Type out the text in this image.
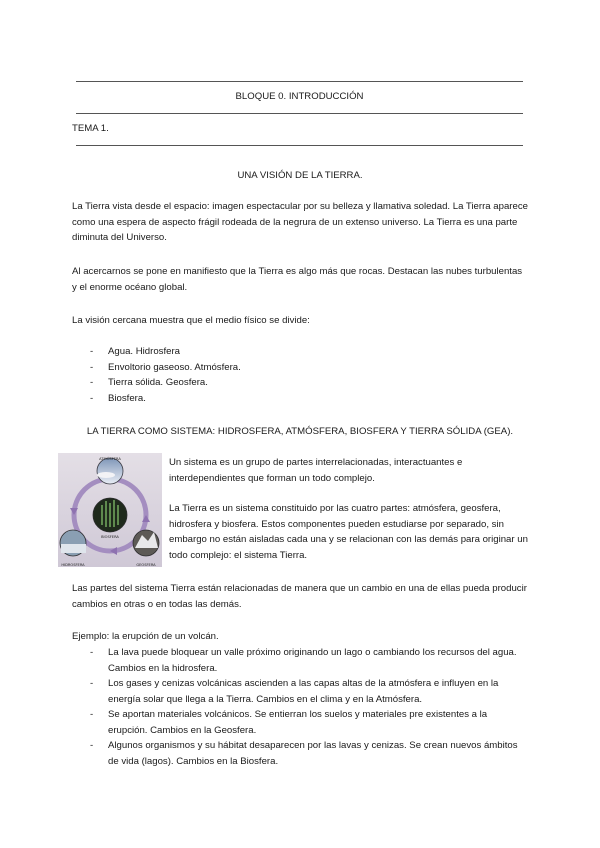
BLOQUE 0. INTRODUCCIÓN
TEMA 1.
UNA VISIÓN DE LA TIERRA.
La Tierra vista desde el espacio: imagen espectacular por su belleza y llamativa soledad. La Tierra aparece como una espera de aspecto frágil rodeada de la negrura de un extenso universo. La Tierra es una parte diminuta del Universo.
Al acercarnos se pone en manifiesto que la Tierra es algo más que rocas. Destacan las nubes turbulentas y el enorme océano global.
La visión cercana muestra que el medio físico se divide:
- Agua. Hidrosfera
- Envoltorio gaseoso. Atmósfera.
- Tierra sólida. Geosfera.
- Biosfera.
LA TIERRA COMO SISTEMA: HIDROSFERA, ATMÓSFERA, BIOSFERA Y TIERRA SÓLIDA (GEA).
ATMÓSFERA
GEOSFERA
HIDROSFERA
BIOSFERA
Un sistema es un grupo de partes interrelacionadas, interactuantes e interdependientes que forman un todo complejo.
La Tierra es un sistema constituido por las cuatro partes: atmósfera, geosfera, hidrosfera y biosfera. Estos componentes pueden estudiarse por separado, sin embargo no están aisladas cada una y se relacionan con las demás para originar un todo complejo: el sistema Tierra.
Las partes del sistema Tierra están relacionadas de manera que un cambio en una de ellas pueda producir cambios en otras o en todas las demás.
Ejemplo: la erupción de un volcán.
- La lava puede bloquear un valle próximo originando un lago o cambiando los recursos del agua. Cambios en la hidrosfera.
- Los gases y cenizas volcánicas ascienden a las capas altas de la atmósfera e influyen en la energía solar que llega a la Tierra. Cambios en el clima y en la Atmósfera.
- Se aportan materiales volcánicos. Se entierran los suelos y materiales pre existentes a la erupción. Cambios en la Geosfera.
- Algunos organismos y su hábitat desaparecen por las lavas y cenizas. Se crean nuevos ámbitos de vida (lagos). Cambios en la Biosfera.
